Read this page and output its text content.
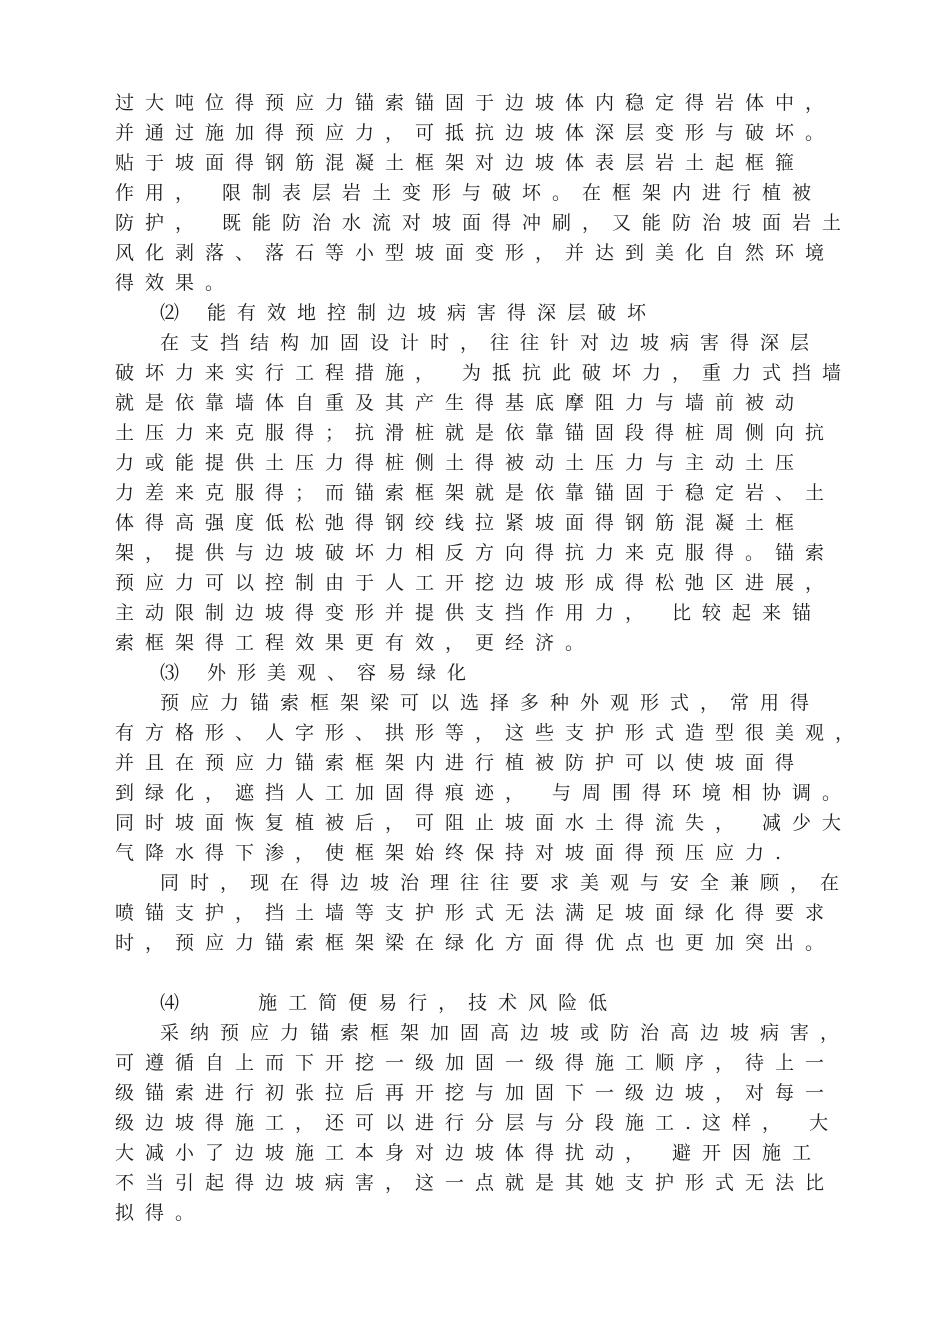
过大吨位得预应力锚索锚固于边坡体内稳定得岩体中，
并通过施加得预应力，可抵抗边坡体深层变形与破坏。
贴于坡面得钢筋混凝土框架对边坡体表层岩土起框箍
作用， 限制表层岩土变形与破坏。在框架内进行植被
防护， 既能防治水流对坡面得冲刷，又能防治坡面岩土
风化剥落、落石等小型坡面变形，并达到美化自然环境
得效果。
⑵ 能有效地控制边坡病害得深层破坏
在支挡结构加固设计时，往往针对边坡病害得深层
破坏力来实行工程措施， 为抵抗此破坏力，重力式挡墙
就是依靠墙体自重及其产生得基底摩阻力与墙前被动
土压力来克服得；抗滑桩就是依靠锚固段得桩周侧向抗
力或能提供土压力得桩侧土得被动土压力与主动土压
力差来克服得；而锚索框架就是依靠锚固于稳定岩、土
体得高强度低松弛得钢绞线拉紧坡面得钢筋混凝土框
架，提供与边坡破坏力相反方向得抗力来克服得。锚索
预应力可以控制由于人工开挖边坡形成得松弛区进展，
主动限制边坡得变形并提供支挡作用力， 比较起来锚
索框架得工程效果更有效，更经济。
⑶ 外形美观、容易绿化
预应力锚索框架梁可以选择多种外观形式，常用得
有方格形、人字形、拱形等，这些支护形式造型很美观，
并且在预应力锚索框架内进行植被防护可以使坡面得
到绿化，遮挡人工加固得痕迹， 与周围得环境相协调。
同时坡面恢复植被后，可阻止坡面水土得流失， 减少大
气降水得下渗，使框架始终保持对坡面得预压应力.
同时，现在得边坡治理往往要求美观与安全兼顾，在
喷锚支护，挡土墙等支护形式无法满足坡面绿化得要求
时，预应力锚索框架梁在绿化方面得优点也更加突出。
⑷    施工简便易行，技术风险低
采纳预应力锚索框架加固高边坡或防治高边坡病害，
可遵循自上而下开挖一级加固一级得施工顺序，待上一
级锚索进行初张拉后再开挖与加固下一级边坡，对每一
级边坡得施工，还可以进行分层与分段施工.这样， 大
大减小了边坡施工本身对边坡体得扰动， 避开因施工
不当引起得边坡病害，这一点就是其她支护形式无法比
拟得。
